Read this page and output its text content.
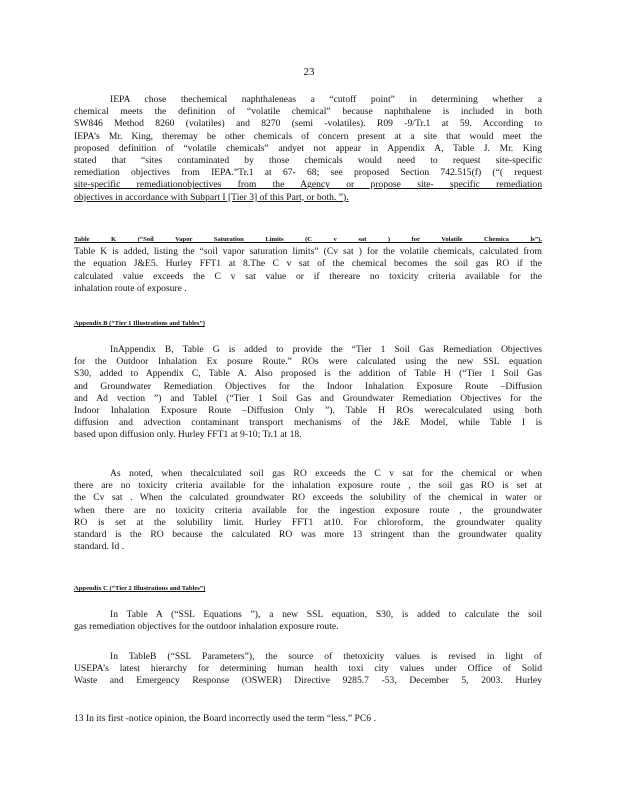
23

IEPA chose thechemical naphthaleneas a “cutoff point” in determining whether a

chemical meets the definition of “volatile chemical” because naphthalene is included in both

SW846 Method 8260 (volatiles) and 8270 (semi -volatiles). R09 -9/Tr.1 at 59. According to

IEPA’s Mr. King, theremay be other chemicals of concern present at a site that would meet the

proposed definition of “volatile chemicals” andyet not appear in Appendix A, Table J. Mr. King

stated that “sites contaminated by those chemicals would need to request site-specific

remediation objectives from IEPA.”Tr.1 at 67- 68; see proposed Section 742.515(f) (“( request

site-specific remediationobjectives from the Agency or propose site- specific remediation

objectives in accordance with Subpart I [Tier 3] of this Part, or both. ”).

Table K (“Soil Vapor Saturation Limits (C v sat ) for Volatile Chemica ls”).

Table K is added, listing the “soil vapor saturation limits” (Cv sat ) for the volatile chemicals, calculated from

the equation J&E5. Hurley FFT1 at 8.The C v sat of the chemical becomes the soil gas RO if the

calculated value exceeds the C v sat value or if thereare no toxicity criteria available for the

inhalation route of exposure .

Appendix B (“Tier 1 Illustrations and Tables”)

InAppendix B, Table G is added to provide the “Tier 1 Soil Gas Remediation Objectives

for the Outdoor Inhalation Ex posure Route.” ROs were calculated using the new SSL equation

S30, added to Appendix C, Table A. Also proposed is the addition of Table H (“Tier 1 Soil Gas

and Groundwater Remediation Objectives for the Indoor Inhalation Exposure Route –Diffusion

and Ad vection ”) and TableI (“Tier 1 Soil Gas and Groundwater Remediation Objectives for the

Indoor Inhalation Exposure Route –Diffusion Only ”). Table H ROs werecalculated using both

diffusion and advection contaminant transport mechanisms of the J&E Model, while Table I is

based upon diffusion only. Hurley FFT1 at 9-10; Tr.1 at 18.

As noted, when thecalculated soil gas RO exceeds the C v sat for the chemical or when

there are no toxicity criteria available for the inhalation exposure route , the soil gas RO is set at

the Cv sat . When the calculated groundwater RO exceeds the solubility of the chemical in water or

when there are no toxicity criteria available for the ingestion exposure route , the groundwater

RO is set at the solubility limit. Hurley FFT1 at10. For chloroform, the groundwater quality

standard is the RO because the calculated RO was more 13 stringent than the groundwater quality

standard. Id .

Appendix C (“Tier 2 Illustrations and Tables”)

In Table A (“SSL Equations ”), a new SSL equation, S30, is added to calculate the soil

gas remediation objectives for the outdoor inhalation exposure route.

In TableB (“SSL Parameters”), the source of thetoxicity values is revised in light of

USEPA’s latest hierarchy for determining human health toxi city values under Office of Solid

Waste and Emergency Response (OSWER) Directive 9285.7 -53, December 5, 2003. Hurley

13 In its first -notice opinion, the Board incorrectly used the term “less.” PC6 .
